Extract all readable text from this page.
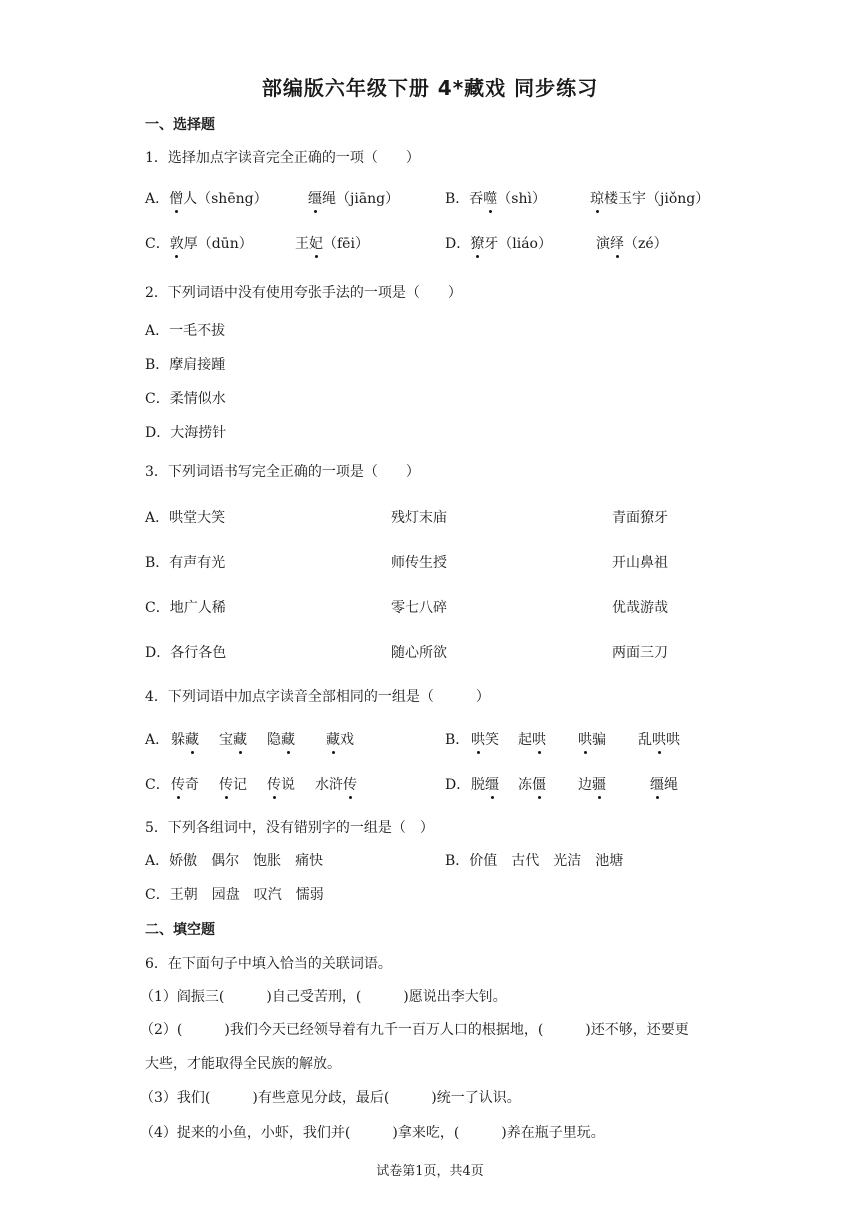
部编版六年级下册 4*藏戏 同步练习
一、选择题
1．选择加点字读音完全正确的一项（　　）
A．僧人（shēng）	缰绳（jiāng）	B．吞噬（shì）	琼楼玉宇（jiǒng）
C．敦厚（dūn）	王妃（fēi）	D．獠牙（liáo）	演绎（zé）
2．下列词语中没有使用夸张手法的一项是（　　）
A．一毛不拔
B．摩肩接踵
C．柔情似水
D．大海捞针
3．下列词语书写完全正确的一项是（　　）
A．哄堂大笑	残灯末庙	青面獠牙
B．有声有光	师传生授	开山鼻祖
C．地广人稀	零七八碎	优哉游哉
D．各行各色	随心所欲	两面三刀
4．下列词语中加点字读音全部相同的一组是（　　　）
A． 躲藏 宝藏 隐藏 藏戏	B． 哄笑 起哄 哄骗 乱哄哄
C． 传奇 传记 传说 水浒传	D． 脱缰 冻僵 边疆	缰绳
5．下列各组词中，没有错别字的一组是（　）
A．娇傲　偶尔　饱胀　痛快	B．价值　古代　光洁　池塘
C．王朝　园盘　叹汽　懦弱
二、填空题
6．在下面句子中填入恰当的关联词语。
（1）阎振三(　　　)自己受苦刑，(　　　)愿说出李大钊。
（2）(　　　)我们今天已经领导着有九千一百万人口的根据地，(　　　)还不够，还要更
大些，才能取得全民族的解放。
（3）我们(　　　)有些意见分歧，最后(　　　)统一了认识。
（4）捉来的小鱼，小虾，我们并(　　　)拿来吃，(　　　)养在瓶子里玩。
试卷第1页，共4页
